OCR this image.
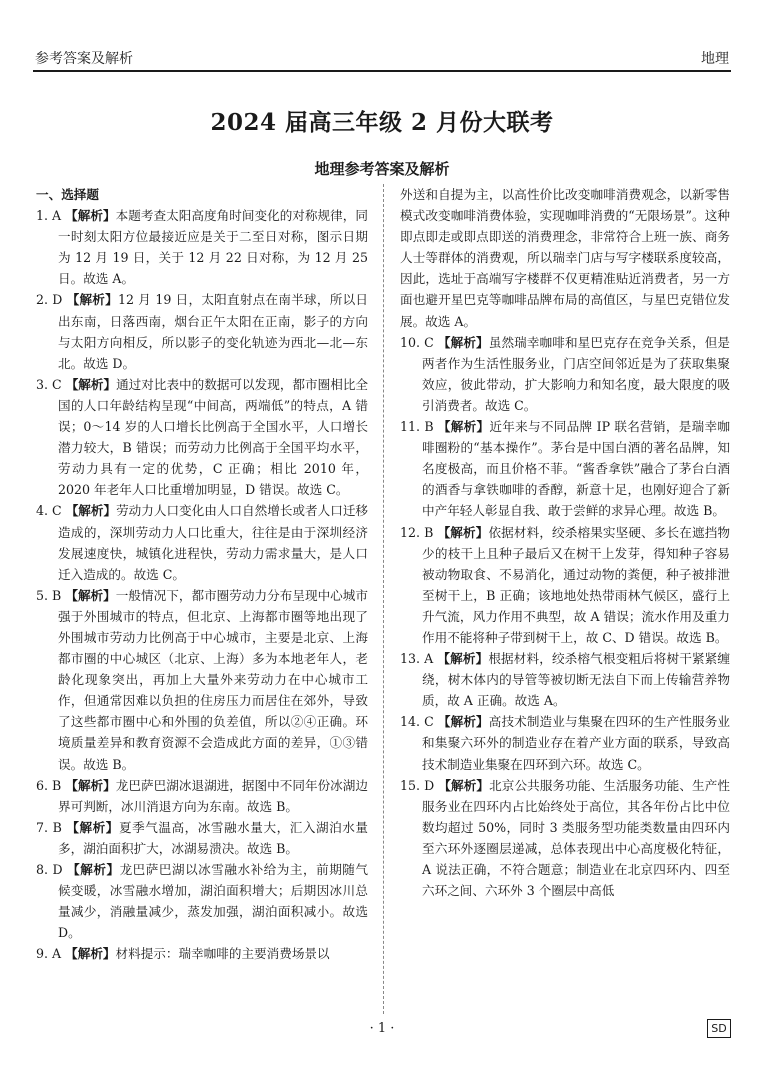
参考答案及解析	地理
2024 届高三年级 2 月份大联考
地理参考答案及解析
一、选择题

1. A 【解析】本题考查太阳高度角时间变化的对称规律，同一时刻太阳方位最接近应是关于二至日对称，图示日期为 12 月 19 日，关于 12 月 22 日对称，为 12 月 25 日。故选 A。

2. D 【解析】12 月 19 日，太阳直射点在南半球，所以日出东南，日落西南，烟台正午太阳在正南，影子的方向与太阳方向相反，所以影子的变化轨迹为西北—北—东北。故选 D。

3. C 【解析】通过对比表中的数据可以发现，都市圈相比全国的人口年龄结构呈现“中间高，两端低”的特点，A 错误；0～14 岁的人口增长比例高于全国水平，人口增长潜力较大，B 错误；而劳动力比例高于全国平均水平，劳动力具有一定的优势，C 正确；相比 2010 年，2020 年老年人口比重增加明显，D 错误。故选 C。

4. C 【解析】劳动力人口变化由人口自然增长或者人口迁移造成的，深圳劳动力人口比重大，往往是由于深圳经济发展速度快，城镇化进程快，劳动力需求量大，是人口迁入造成的。故选 C。

5. B 【解析】一般情况下，都市圈劳动力分布呈现中心城市强于外围城市的特点，但北京、上海都市圈等地出现了外围城市劳动力比例高于中心城市，主要是北京、上海都市圈的中心城区（北京、上海）多为本地老年人，老龄化现象突出，再加上大量外来劳动力在中心城市工作，但通常因难以负担的住房压力而居住在郊外，导致了这些都市圈中心和外围的负差值，所以②④正确。环境质量差异和教育资源不会造成此方面的差异，①③错误。故选 B。

6. B 【解析】龙巴萨巴湖冰退湖进，据图中不同年份冰湖边界可判断，冰川消退方向为东南。故选 B。

7. B 【解析】夏季气温高，冰雪融水量大，汇入湖泊水量多，湖泊面积扩大，冰湖易溃决。故选 B。

8. D 【解析】龙巴萨巴湖以冰雪融水补给为主，前期随气候变暖，冰雪融水增加，湖泊面积增大；后期因冰川总量减少，消融量减少，蒸发加强，湖泊面积减小。故选 D。

9. A 【解析】材料提示：瑞幸咖啡的主要消费场景以

外送和自提为主，以高性价比改变咖啡消费观念，以新零售模式改变咖啡消费体验，实现咖啡消费的“无限场景”。这种即点即走或即点即送的消费理念，非常符合上班一族、商务人士等群体的消费观，所以瑞幸门店与写字楼联系度较高，因此，选址于高端写字楼群不仅更精准贴近消费者，另一方面也避开星巴克等咖啡品牌布局的高值区，与星巴克错位发展。故选 A。

10. C 【解析】虽然瑞幸咖啡和星巴克存在竞争关系，但是两者作为生活性服务业，门店空间邻近是为了获取集聚效应，彼此带动，扩大影响力和知名度，最大限度的吸引消费者。故选 C。

11. B 【解析】近年来与不同品牌 IP 联名营销，是瑞幸咖啡圈粉的“基本操作”。茅台是中国白酒的著名品牌，知名度极高，而且价格不菲。“酱香拿铁”融合了茅台白酒的酒香与拿铁咖啡的香醇，新意十足，也刚好迎合了新中产年轻人彰显自我、敢于尝鲜的求异心理。故选 B。

12. B 【解析】依据材料，绞杀榕果实坚硬、多长在遮挡物少的枝干上且种子最后又在树干上发芽，得知种子容易被动物取食、不易消化，通过动物的粪便，种子被排泄至树干上，B 正确；该地地处热带雨林气候区，盛行上升气流，风力作用不典型，故 A 错误；流水作用及重力作用不能将种子带到树干上，故 C、D 错误。故选 B。

13. A 【解析】根据材料，绞杀榕气根变粗后将树干紧紧缠绕，树木体内的导管等被切断无法自下而上传输营养物质，故 A 正确。故选 A。

14. C 【解析】高技术制造业与集聚在四环的生产性服务业和集聚六环外的制造业存在着产业方面的联系，导致高技术制造业集聚在四环到六环。故选 C。

15. D 【解析】北京公共服务功能、生活服务功能、生产性服务业在四环内占比始终处于高位，其各年份占比中位数均超过 50%，同时 3 类服务型功能类数量由四环内至六环外逐圈层递减，总体表现出中心高度极化特征，A 说法正确，不符合题意；制造业在北京四环内、四至六环之间、六环外 3 个圈层中高低

· 1 ·	SD
